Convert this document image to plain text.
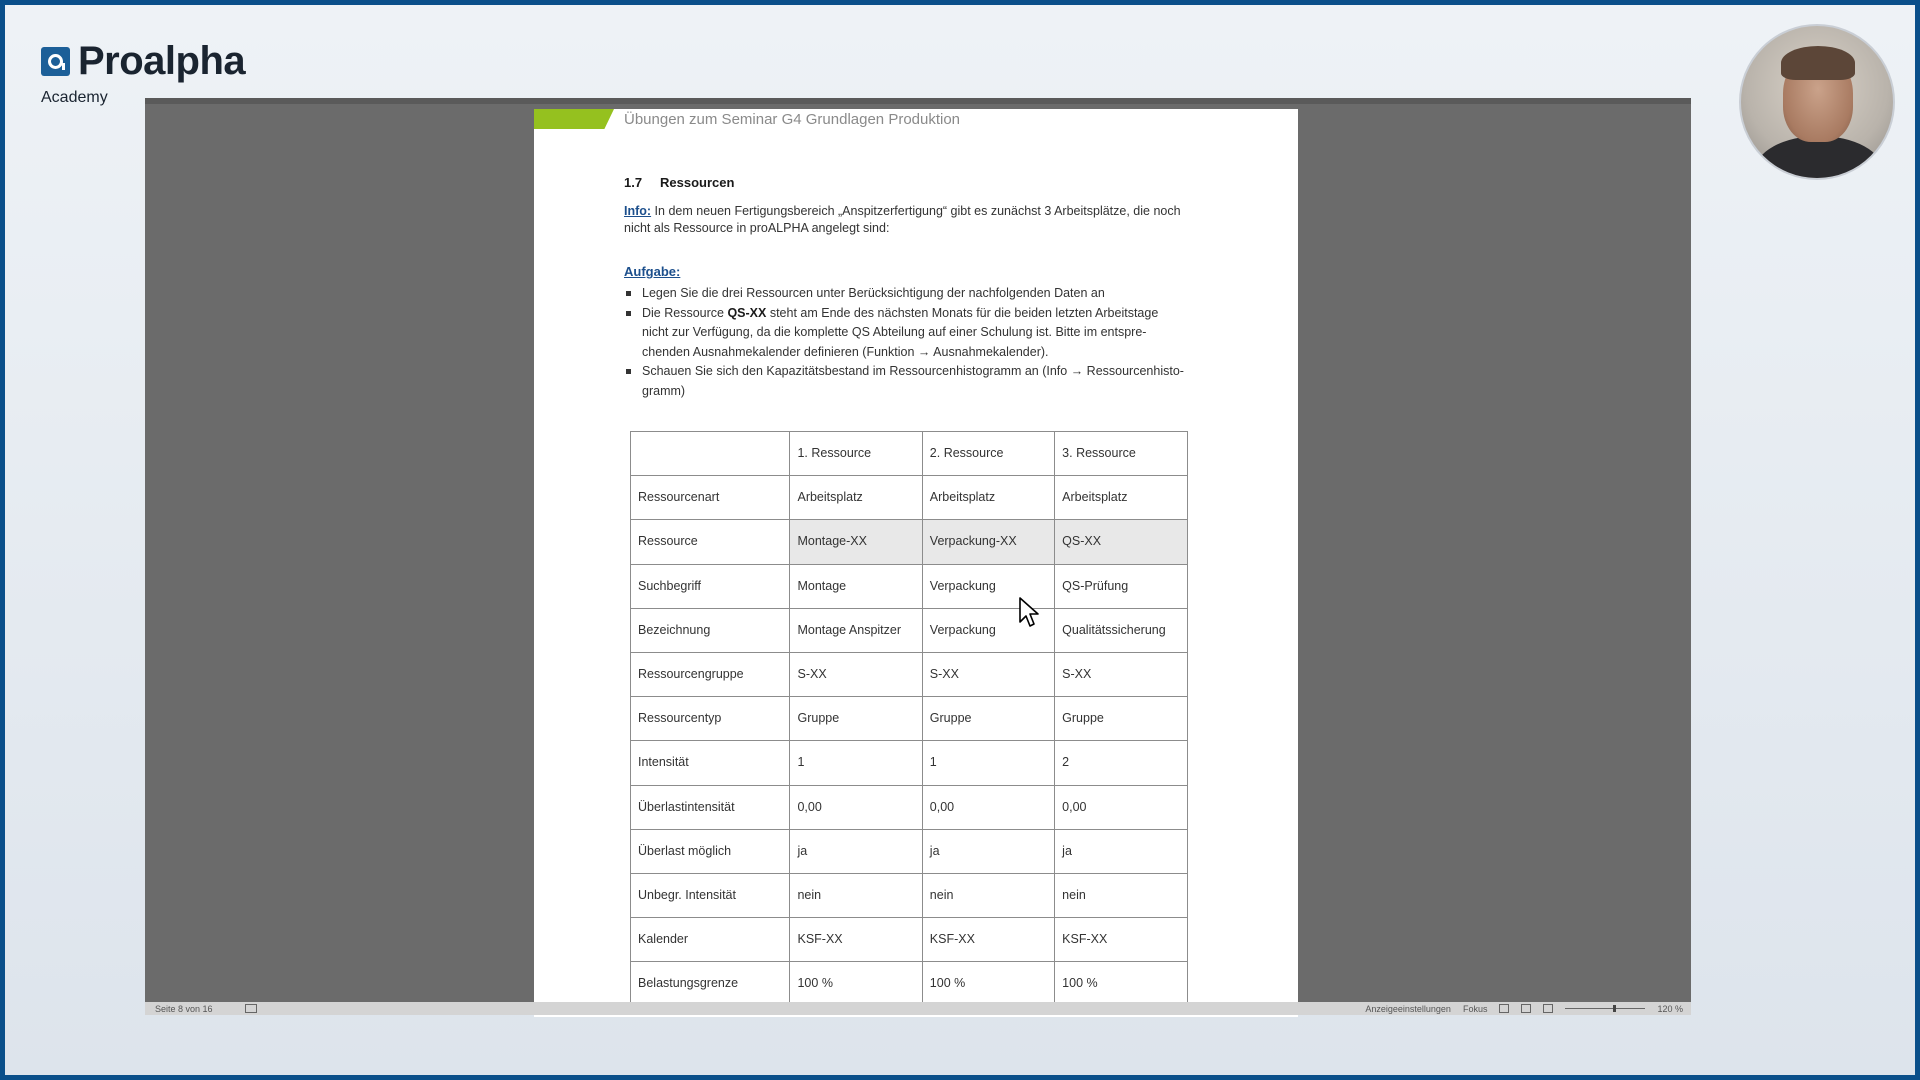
Proalpha
Academy
Übungen zum Seminar G4 Grundlagen Produktion
1.7 Ressourcen
Info: In dem neuen Fertigungsbereich „Anspitzerfertigung“ gibt es zunächst 3 Arbeitsplätze, die noch nicht als Ressource in proALPHA angelegt sind:
Aufgabe:
Legen Sie die drei Ressourcen unter Berücksichtigung der nachfolgenden Daten an
Die Ressource QS-XX steht am Ende des nächsten Monats für die beiden letzten Arbeitstage nicht zur Verfügung, da die komplette QS Abteilung auf einer Schulung ist. Bitte im entspre-chenden Ausnahmekalender definieren (Funktion → Ausnahmekalender).
Schauen Sie sich den Kapazitätsbestand im Ressourcenhistogramm an (Info → Ressourcenhisto-gramm)
	1. Ressource	2. Ressource	3. Ressource
Ressourcenart	Arbeitsplatz	Arbeitsplatz	Arbeitsplatz
Ressource	Montage-XX	Verpackung-XX	QS-XX
Suchbegriff	Montage	Verpackung	QS-Prüfung
Bezeichnung	Montage Anspitzer	Verpackung	Qualitätssicherung
Ressourcengruppe	S-XX	S-XX	S-XX
Ressourcentyp	Gruppe	Gruppe	Gruppe
Intensität	1	1	2
Überlastintensität	0,00	0,00	0,00
Überlast möglich	ja	ja	ja
Unbegr. Intensität	nein	nein	nein
Kalender	KSF-XX	KSF-XX	KSF-XX
Belastungsgrenze	100 %	100 %	100 %
Seite 8 von 16	Anzeigeeinstellungen Fokus	120 %
